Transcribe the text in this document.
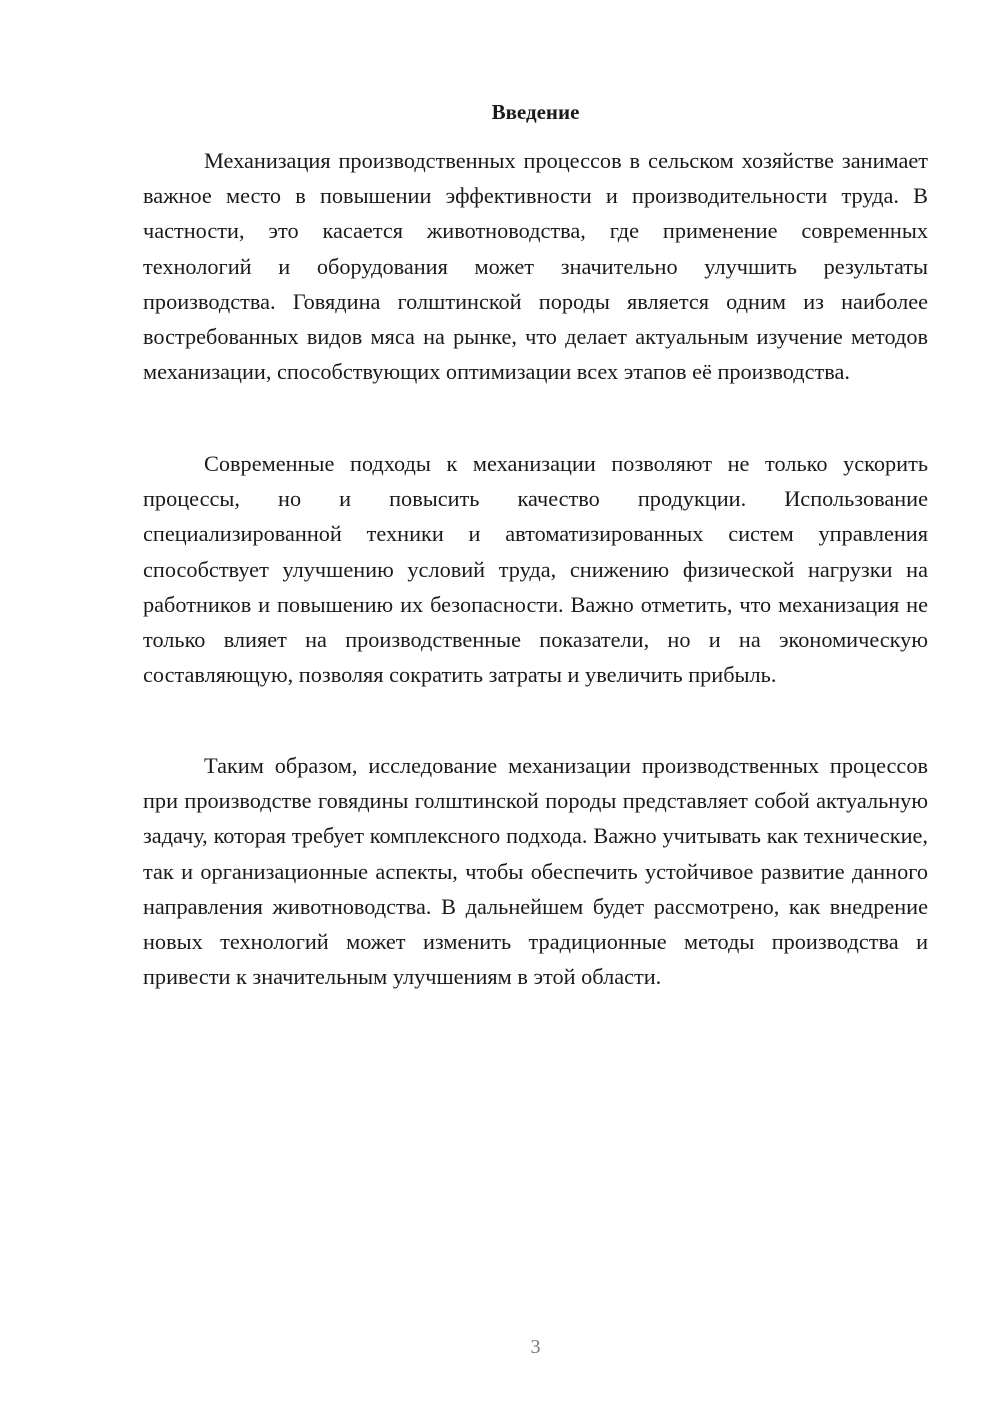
Введение

Механизация производственных процессов в сельском хозяйстве занимает важное место в повышении эффективности и производительности труда. В частности, это касается животноводства, где применение современных технологий и оборудования может значительно улучшить результаты производства. Говядина голштинской породы является одним из наиболее востребованных видов мяса на рынке, что делает актуальным изучение методов механизации, способствующих оптимизации всех этапов её производства.

Современные подходы к механизации позволяют не только ускорить процессы, но и повысить качество продукции. Использование специализированной техники и автоматизированных систем управления способствует улучшению условий труда, снижению физической нагрузки на работников и повышению их безопасности. Важно отметить, что механизация не только влияет на производственные показатели, но и на экономическую составляющую, позволяя сократить затраты и увеличить прибыль.

Таким образом, исследование механизации производственных процессов при производстве говядины голштинской породы представляет собой актуальную задачу, которая требует комплексного подхода. Важно учитывать как технические, так и организационные аспекты, чтобы обеспечить устойчивое развитие данного направления животноводства. В дальнейшем будет рассмотрено, как внедрение новых технологий может изменить традиционные методы производства и привести к значительным улучшениям в этой области.

3
